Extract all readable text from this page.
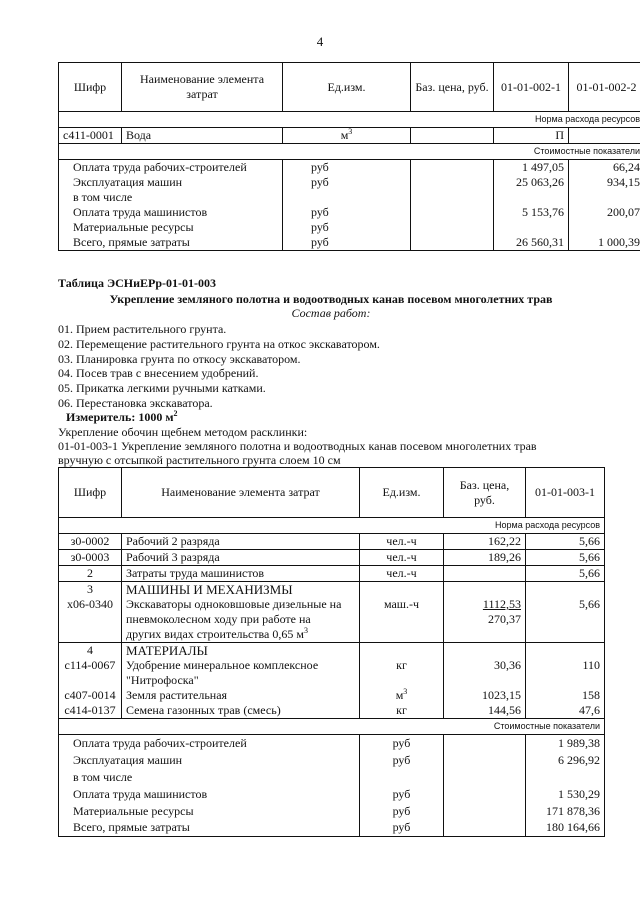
4
Шифр	Наименование элемента затрат	Ед.изм.	Баз. цена, руб.	01-01-002-1	01-01-002-2
Норма расхода ресурсов					
с411-0001	Вода	$м^3$		П	
Стоимостные показатели					
Оплата труда рабочих-строителей		руб		1 497,05	66,24
Эксплуатация машин		руб		25 063,26	934,15
в том числе					
Оплата труда машинистов		руб		5 153,76	200,07
Материальные ресурсы		руб			
Всего, прямые затраты		руб		26 560,31	1 000,39
Таблица ЭСНиЕРр-01-01-003
Укрепление земляного полотна и водоотводных канав посевом многолетних трав
Состав работ:
01. Прием растительного грунта.
02. Перемещение растительного грунта на откос экскаватором.
03. Планировка грунта по откосу экскаватором.
04. Посев трав с внесением удобрений.
05. Прикатка легкими ручными катками.
06. Перестановка экскаватора.
Измеритель: 1000 $м^2$
Укрепление обочин щебнем методом расклинки:
01-01-003-1 Укрепление земляного полотна и водоотводных канав посевом многолетних трав
вручную с отсыпкой растительного грунта слоем 10 см
Шифр	Наименование элемента затрат	Ед.изм.	Баз. цена, руб.	01-01-003-1
Норма расхода ресурсов				
з0-0002	Рабочий 2 разряда	чел.-ч	162,22	5,66
з0-0003	Рабочий 3 разряда	чел.-ч	189,26	5,66
2	Затраты труда машинистов	чел.-ч		5,66
3	МАШИНЫ И МЕХАНИЗМЫ			
х06-0340	Экскаваторы одноковшовые дизельные на	маш.-ч	1112,53	5,66
	пневмоколесном ходу при работе на		270,37	
	других видах строительства 0,65 $м^3$			
4	МАТЕРИАЛЫ			
с114-0067	Удобрение минеральное комплексное	кг	30,36	110
	"Нитрофоска"			
с407-0014	Земля растительная	$м^3$	1023,15	158
с414-0137	Семена газонных трав (смесь)	кг	144,56	47,6
Стоимостные показатели				
Оплата труда рабочих-строителей		руб		1 989,38
Эксплуатация машин		руб		6 296,92
в том числе				
Оплата труда машинистов		руб		1 530,29
Материальные ресурсы		руб		171 878,36
Всего, прямые затраты		руб		180 164,66
